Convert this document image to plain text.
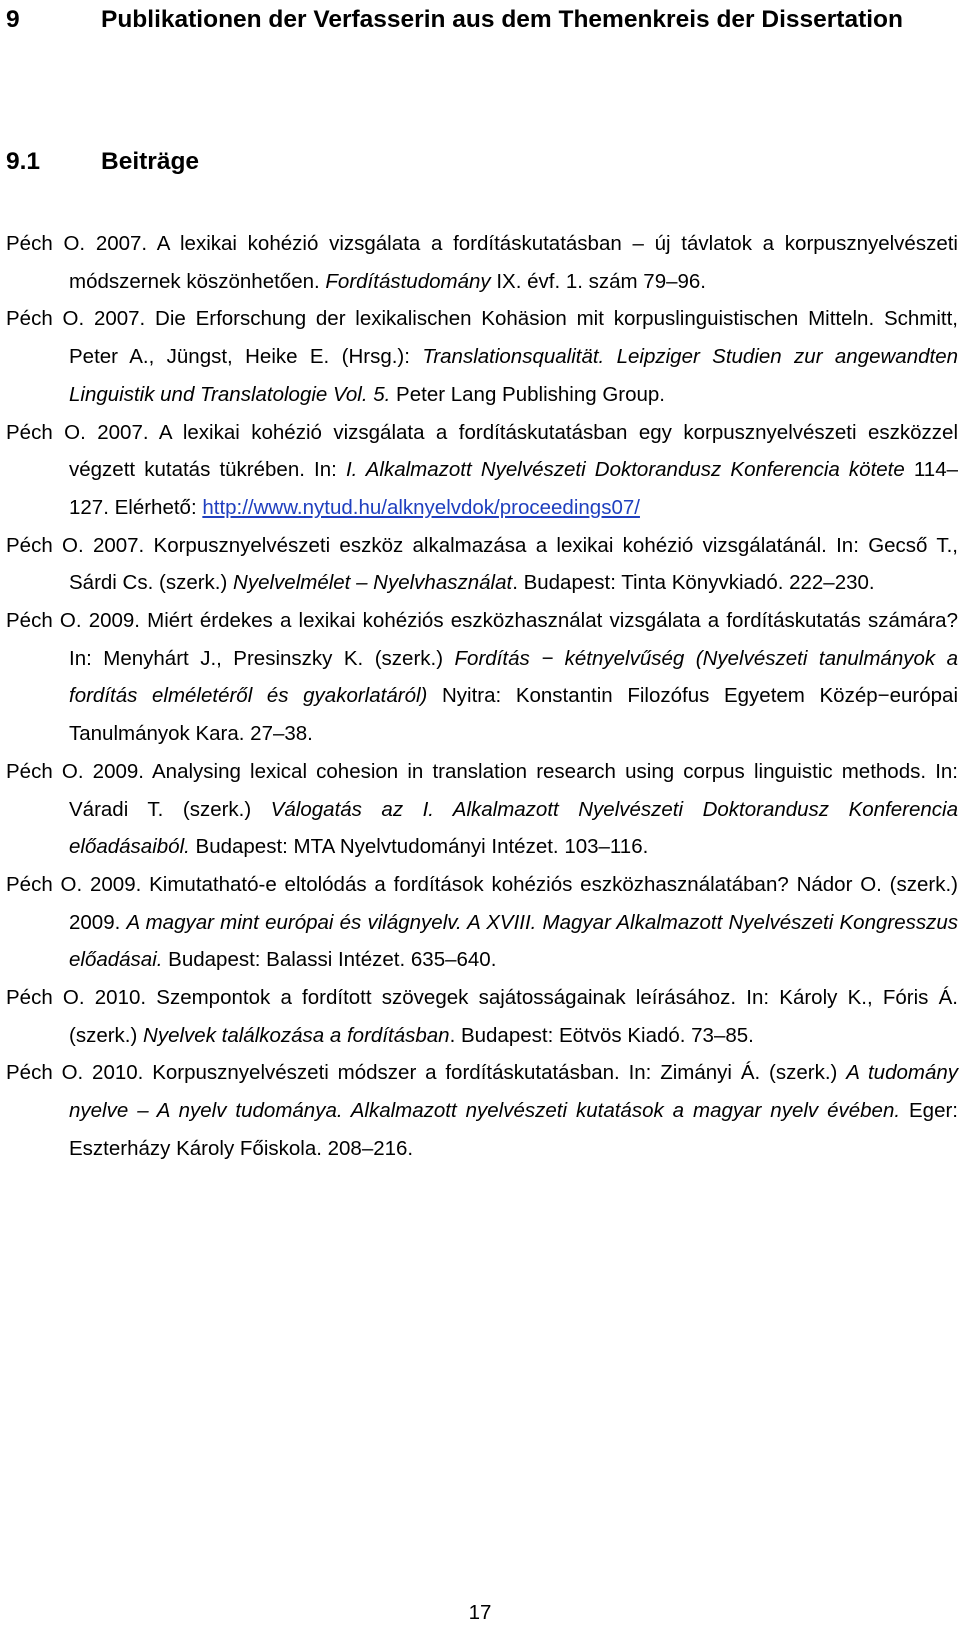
9	Publikationen der Verfasserin aus dem Themenkreis der Dissertation
9.1 Beiträge

Péch O. 2007. A lexikai kohézió vizsgálata a fordításkutatásban – új távlatok a korpusznyelvészeti módszernek köszönhetően. Fordítástudomány IX. évf. 1. szám 79–96.

Péch O. 2007. Die Erforschung der lexikalischen Kohäsion mit korpuslinguistischen Mitteln. Schmitt, Peter A., Jüngst, Heike E. (Hrsg.): Translationsqualität. Leipziger Studien zur angewandten Linguistik und Translatologie Vol. 5. Peter Lang Publishing Group.

Péch O. 2007. A lexikai kohézió vizsgálata a fordításkutatásban egy korpusznyelvészeti eszközzel végzett kutatás tükrében. In: I. Alkalmazott Nyelvészeti Doktorandusz Konferencia kötete 114–127. Elérhető: http://www.nytud.hu/alknyelvdok/proceedings07/

Péch O. 2007. Korpusznyelvészeti eszköz alkalmazása a lexikai kohézió vizsgálatánál. In: Gecső T., Sárdi Cs. (szerk.) Nyelvelmélet – Nyelvhasználat. Budapest: Tinta Könyvkiadó. 222–230.

Péch O. 2009. Miért érdekes a lexikai kohéziós eszközhasználat vizsgálata a fordításkutatás számára? In: Menyhárt J., Presinszky K. (szerk.) Fordítás − kétnyelvűség (Nyelvészeti tanulmányok a fordítás elméletéről és gyakorlatáról) Nyitra: Konstantin Filozófus Egyetem Közép−európai Tanulmányok Kara. 27–38.

Péch O. 2009. Analysing lexical cohesion in translation research using corpus linguistic methods. In: Váradi T. (szerk.) Válogatás az I. Alkalmazott Nyelvészeti Doktorandusz Konferencia előadásaiból. Budapest: MTA Nyelvtudományi Intézet. 103–116.

Péch O. 2009. Kimutatható-e eltolódás a fordítások kohéziós eszközhasználatában? Nádor O. (szerk.) 2009. A magyar mint európai és világnyelv. A XVIII. Magyar Alkalmazott Nyelvészeti Kongresszus előadásai. Budapest: Balassi Intézet. 635–640.

Péch O. 2010. Szempontok a fordított szövegek sajátosságainak leírásához. In: Károly K., Fóris Á. (szerk.) Nyelvek találkozása a fordításban. Budapest: Eötvös Kiadó. 73–85.

Péch O. 2010. Korpusznyelvészeti módszer a fordításkutatásban. In: Zimányi Á. (szerk.) A tudomány nyelve – A nyelv tudománya. Alkalmazott nyelvészeti kutatások a magyar nyelv évében. Eger: Eszterházy Károly Főiskola. 208–216.

17
